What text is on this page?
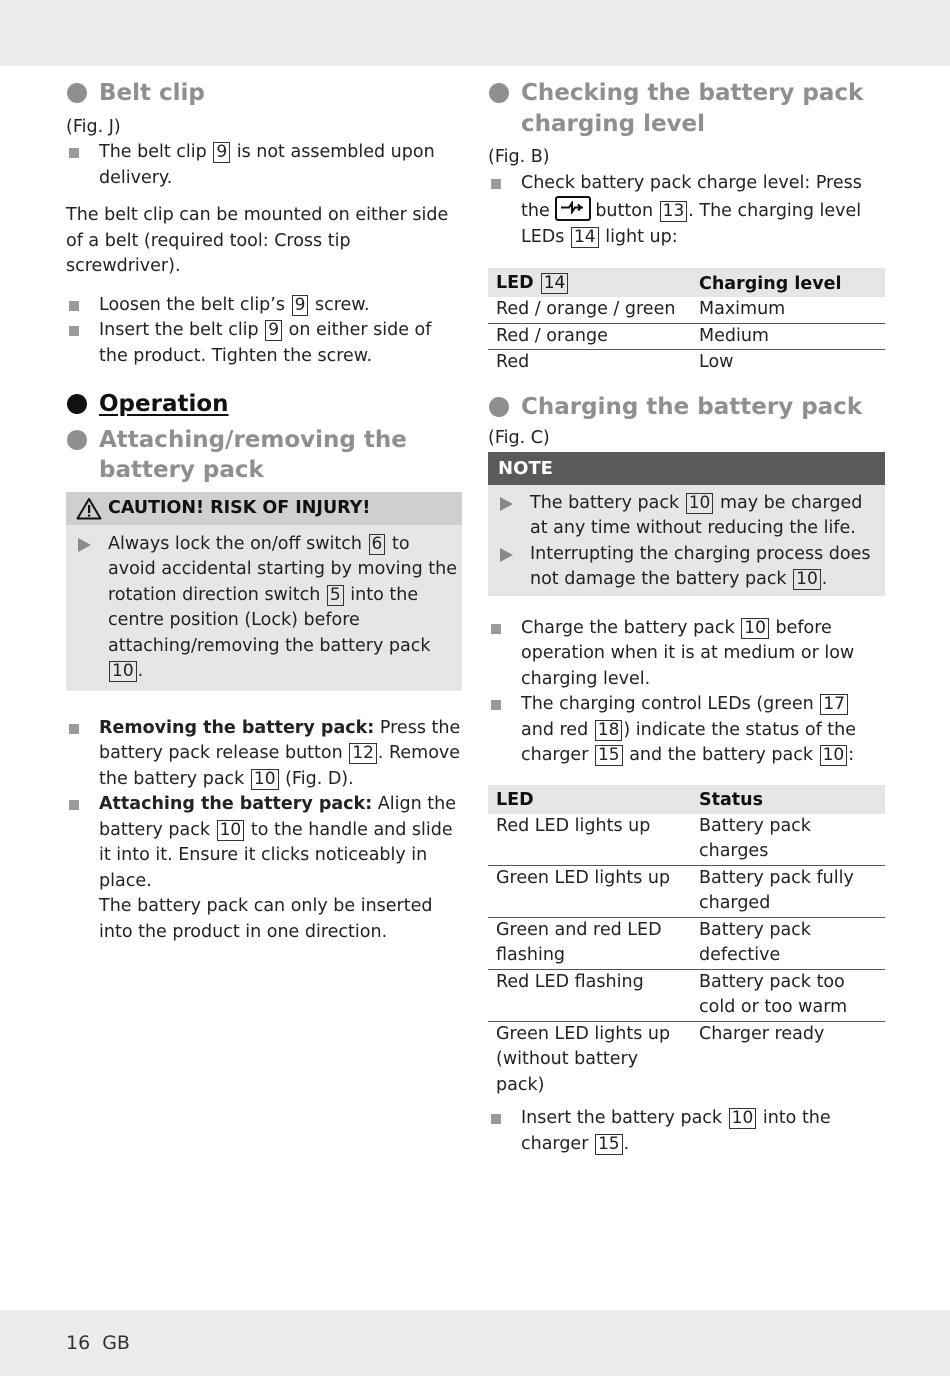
Belt clip

(Fig. J)

The belt clip 9 is not assembled upon delivery.

The belt clip can be mounted on either side of a belt (required tool: Cross tip screwdriver).

Loosen the belt clip’s 9 screw.
Insert the belt clip 9 on either side of the product. Tighten the screw.
Operation
Attaching/removing the battery pack
CAUTION! RISK OF INJURY!
Always lock the on/off switch 6 to avoid accidental starting by moving the rotation direction switch 5 into the centre position (Lock) before attaching/removing the battery pack 10 .
Removing the battery pack: Press the battery pack release button 12 . Remove the battery pack 10 (Fig. D).
Attaching the battery pack: Align the battery pack 10 to the handle and slide it into it. Ensure it clicks noticeably in place.
The battery pack can only be inserted into the product in one direction.
Checking the battery pack charging level

(Fig. B)

Check battery pack charge level: Press the	button 13 . The charging level LEDs 14 light up:
LED 14	Charging level
Red / orange / green	Maximum
Red / orange	Medium
Red	Low
Charging the battery pack

(Fig. C)

NOTE
The battery pack 10 may be charged at any time without reducing the life.
Interrupting the charging process does not damage the battery pack 10 .
Charge the battery pack 10 before operation when it is at medium or low charging level.
The charging control LEDs (green 17 and red 18 ) indicate the status of the charger 15 and the battery pack 10 :
LED	Status
Red LED lights up	Battery pack charges
Green LED lights up	Battery pack fully charged
Green and red LED flashing	Battery pack defective
Red LED flashing	Battery pack too cold or too warm
Green LED lights up (without battery pack)	Charger ready
Insert the battery pack 10 into the charger 15 .
16 GB
